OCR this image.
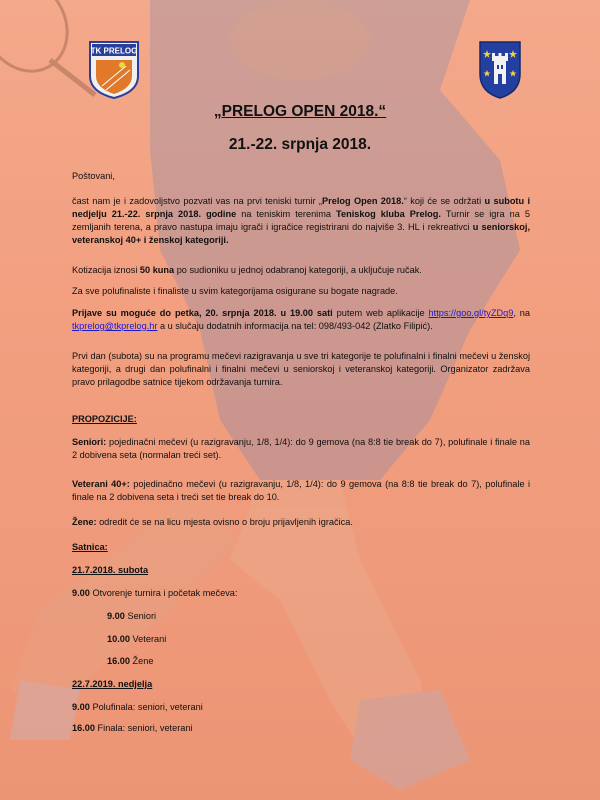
TK PRELOG
„PRELOG OPEN 2018.“
21.-22. srpnja 2018.

Poštovani,

čast nam je i zadovoljstvo pozvati vas na prvi teniski turnir „Prelog Open 2018.“ koji će se održati u subotu i nedjelju 21.-22. srpnja 2018. godine na teniskim terenima Teniskog kluba Prelog. Turnir se igra na 5 zemljanih terena, a pravo nastupa imaju igrači i igračice registrirani do najviše 3. HL i rekreativci u seniorskoj, veteranskoj 40+ i ženskoj kategoriji.

Kotizacija iznosi 50 kuna po sudioniku u jednoj odabranoj kategoriji, a uključuje ručak.

Za sve polufinaliste i finaliste u svim kategorijama osigurane su bogate nagrade.

Prijave su moguće do petka, 20. srpnja 2018. u 19.00 sati putem web aplikacije https://goo.gl/tyZDq9, na tkprelog@tkprelog.hr a u slučaju dodatnih informacija na tel: 098/493-042 (Zlatko Filipić).

Prvi dan (subota) su na programu mečevi razigravanja u sve tri kategorije te polufinalni i finalni mečevi u ženskoj kategoriji, a drugi dan polufinalni i finalni mečevi u seniorskoj i veteranskoj kategoriji. Organizator zadržava pravo prilagodbe satnice tijekom održavanja turnira.

PROPOZICIJE:

Seniori: pojedinačni mečevi (u razigravanju, 1/8, 1/4): do 9 gemova (na 8:8 tie break do 7), polufinale i finale na 2 dobivena seta (normalan treći set).

Veterani 40+: pojedinačno mečevi (u razigravanju, 1/8, 1/4): do 9 gemova (na 8:8 tie break do 7), polufinale i finale na 2 dobivena seta i treći set tie break do 10.

Žene: odredit će se na licu mjesta ovisno o broju prijavljenih igračica.

Satnica:

21.7.2018. subota

9.00 Otvorenje turnira i početak mečeva:

9.00 Seniori

10.00 Veterani

16.00 Žene

22.7.2019. nedjelja

9.00 Polufinala: seniori, veterani

16.00 Finala: seniori, veterani
